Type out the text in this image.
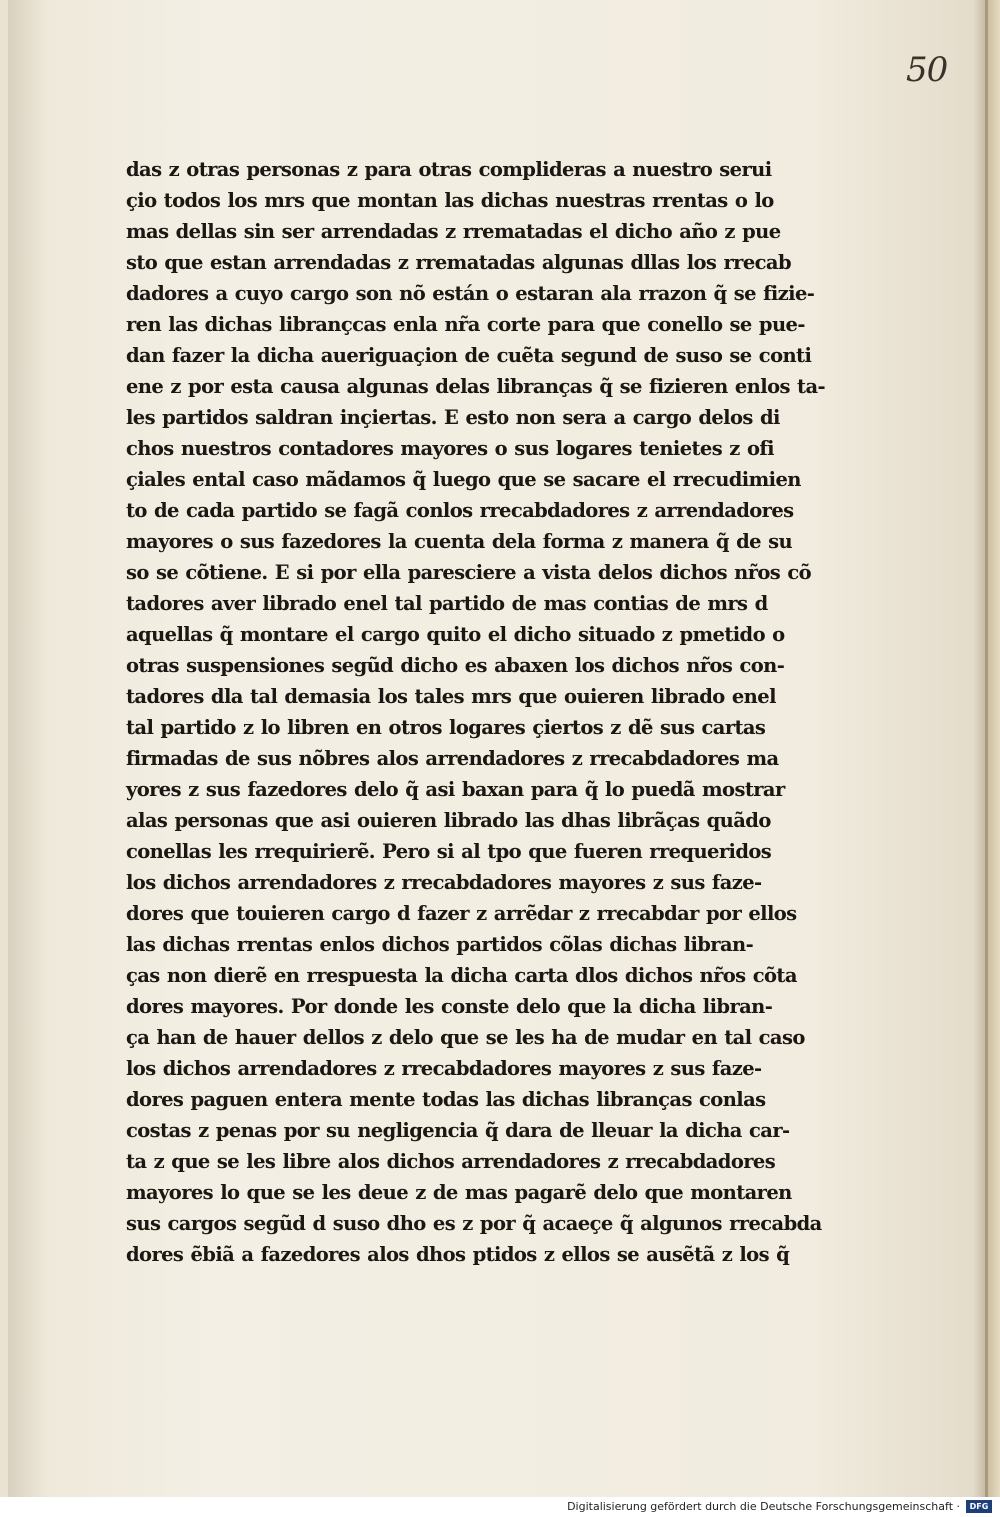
50
das z otras personas z para otras complideras a nuestro serui
çio todos los mrs que montan las dichas nuestras rrentas o lo
mas dellas sin ser arrendadas z rrematadas el dicho año z pue
sto que estan arrendadas z rrematadas algunas dllas los rrecab
dadores a cuyo cargo son nõ están o estaran ala rrazon q̃ se fizie-
ren las dichas librançcas enla nr̃a corte para que conello se pue-
dan fazer la dicha aueriguaçion de cuẽta segund de suso se conti
ene z por esta causa algunas delas libranças q̃ se fizieren enlos ta-
les partidos saldran inçiertas. E esto non sera a cargo delos di
chos nuestros contadores mayores o sus logares tenietes z ofi
çiales ental caso mãdamos q̃ luego que se sacare el rrecudimien
to de cada partido se fagã conlos rrecabdadores z arrendadores
mayores o sus fazedores la cuenta dela forma z manera q̃ de su
so se cõtiene. E si por ella paresciere a vista delos dichos nr̃os cõ
tadores aver librado enel tal partido de mas contias de mrs d
aquellas q̃ montare el cargo quito el dicho situado z pmetido o
otras suspensiones segũd dicho es abaxen los dichos nr̃os con-
tadores dla tal demasia los tales mrs que ouieren librado enel
tal partido z lo libren en otros logares çiertos z dẽ sus cartas
firmadas de sus nõbres alos arrendadores z rrecabdadores ma
yores z sus fazedores delo q̃ asi baxan para q̃ lo puedã mostrar
alas personas que asi ouieren librado las dhas librãças quãdo
conellas les rrequirierẽ. Pero si al tpo que fueren rrequeridos
los dichos arrendadores z rrecabdadores mayores z sus faze-
dores que touieren cargo d fazer z arrẽdar z rrecabdar por ellos
las dichas rrentas enlos dichos partidos cõlas dichas libran-
ças non dierẽ en rrespuesta la dicha carta dlos dichos nr̃os cõta
dores mayores. Por donde les conste delo que la dicha libran-
ça han de hauer dellos z delo que se les ha de mudar en tal caso
los dichos arrendadores z rrecabdadores mayores z sus faze-
dores paguen entera mente todas las dichas libranças conlas
costas z penas por su negligencia q̃ dara de lleuar la dicha car-
ta z que se les libre alos dichos arrendadores z rrecabdadores
mayores lo que se les deue z de mas pagarẽ delo que montaren
sus cargos segũd d suso dho es z por q̃ acaeçe q̃ algunos rrecabda
dores ẽbiã a fazedores alos dhos ptidos z ellos se ausẽtã z los q̃
Digitalisierung gefördert durch die Deutsche Forschungsgemeinschaft ·	DFG
